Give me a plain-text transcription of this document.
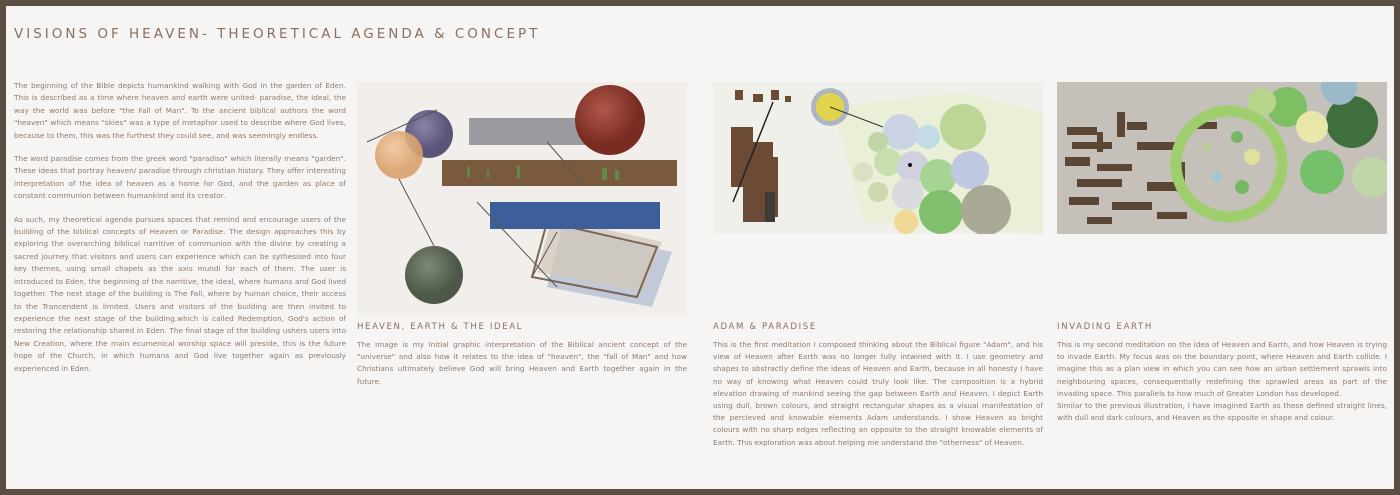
VISIONS OF HEAVEN- THEORETICAL AGENDA & CONCEPT

The beginning of the Bible depicts humankind walking with God in the garden of Eden. This is described as a time where heaven and earth were united- paradise, the Ideal, the way the world was before "the Fall of Man". To the ancient biblical authors the word "heaven" which means "skies" was a type of metaphor used to describe where God lives, because to them, this was the furthest they could see, and was seemingly endless.

The word paradise comes from the greek word "paradiso" which literally means "garden". These ideas that portray heaven/ paradise through christian history. They offer interesting interpretation of the idea of heaven as a home for God, and the garden as place of constant communion between humankind and its creator.

As such, my theoretical agenda pursues spaces that remind and encourage users of the building of the biblical concepts of Heaven or Paradise. The design approaches this by exploring the overarching biblical narritive of communion with the divine by creating a sacred journey that visitors and users can experience which can be sythesised into four key themes, using small chapels as the axis mundi for each of them. The user is introduced to Eden, the beginning of the narritive, the ideal, where humans and God lived together. The next stage of the building is The Fall, where by human choice, their access to the Trancendent is limited. Users and visitors of the building are then invited to experience the next stage of the building,which is called Redemption, God's action of restoring the relationship shared in Eden. The final stage of the building ushers users into New Creation, where the main ecumenical worship space will preside, this is the future hope of the Church, in which humans and God live together again as previously experienced in Eden.

HEAVEN, EARTH & THE IDEAL

The Image is my initial graphic interpretation of the Biblical ancient concept of the "universe" and also how it relates to the idea of "heaven", the "fall of Man" and how Christians ultimately believe God will bring Heaven and Earth together again in the future.

ADAM & PARADISE

This is the first meditation I composed thinking about the Biblical figure "Adam", and his view of Heaven after Earth was no longer fully intwined with it. I use geometry and shapes to abstractly define the ideas of Heaven and Earth, because in all honesty I have no way of knowing what Heaven could truly look like. The composition is a hybrid elevation drawing of mankind seeing the gap between Earth and Heaven. I depict Earth using dull, brown colours, and straight rectangular shapes as a visual manifestation of the percieved and knowable elements Adam understands. I show Heaven as bright colours with no sharp edges reflecting an opposite to the straight knowable elements of Earth. This exploration was about helping me understand the "otherness" of Heaven.

INVADING EARTH

This is my second meditation on the idea of Heaven and Earth, and how Heaven is trying to invade Earth. My focus was on the boundary point, where Heaven and Earth collide. I imagine this as a plan view in which you can see how an urban settlement sprawls into neighbouring spaces, consequentially redefining the sprawled areas as part of the invading space. This parallels to how much of Greater London has developed.

Similar to the previous illustration, I have imagined Earth as these defined straight lines, with dull and dark colours, and Heaven as the opposite in shape and colour.
